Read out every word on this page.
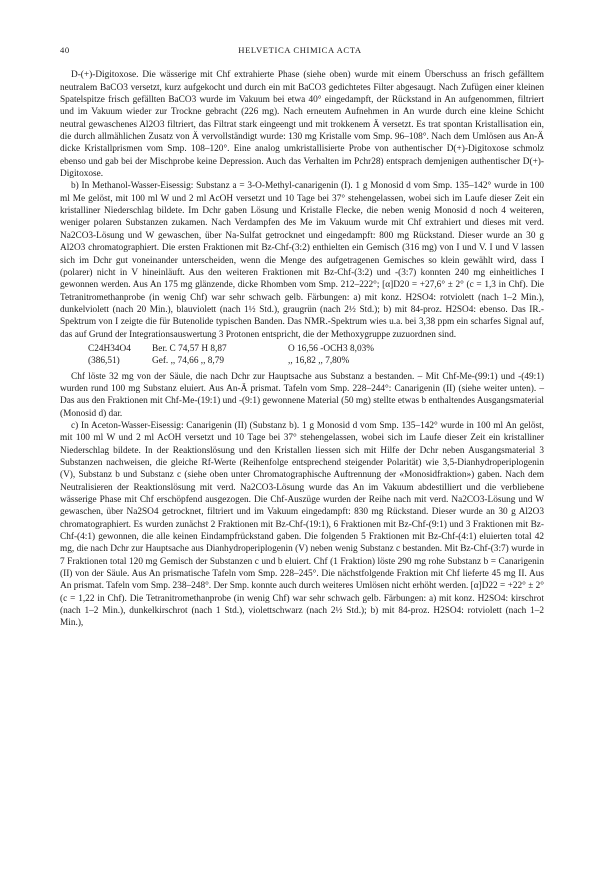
40	HELVETICA CHIMICA ACTA

D-(+)-Digitoxose. Die wässerige mit Chf extrahierte Phase (siehe oben) wurde mit einem Überschuss an frisch gefälltem neutralem BaCO3 versetzt, kurz aufgekocht und durch ein mit BaCO3 gedichtetes Filter abgesaugt. Nach Zufügen einer kleinen Spatelspitze frisch gefällten BaCO3 wurde im Vakuum bei etwa 40° eingedampft, der Rückstand in An aufgenommen, filtriert und im Vakuum wieder zur Trockne gebracht (226 mg). Nach erneutem Aufnehmen in An wurde durch eine kleine Schicht neutral gewaschenes Al2O3 filtriert, das Filtrat stark eingeengt und mit trokkenem Ä versetzt. Es trat spontan Kristallisation ein, die durch allmählichen Zusatz von Ä vervollständigt wurde: 130 mg Kristalle vom Smp. 96–108°. Nach dem Umlösen aus An-Ä dicke Kristallprismen vom Smp. 108–120°. Eine analog umkristallisierte Probe von authentischer D(+)-Digitoxose schmolz ebenso und gab bei der Mischprobe keine Depression. Auch das Verhalten im Pchr28) entsprach demjenigen authentischer D(+)-Digitoxose.

b) In Methanol-Wasser-Eisessig: Substanz a = 3-O-Methyl-canarigenin (I). 1 g Monosid d vom Smp. 135–142° wurde in 100 ml Me gelöst, mit 100 ml W und 2 ml AcOH versetzt und 10 Tage bei 37° stehengelassen, wobei sich im Laufe dieser Zeit ein kristalliner Niederschlag bildete. Im Dchr gaben Lösung und Kristalle Flecke, die neben wenig Monosid d noch 4 weiteren, weniger polaren Substanzen zukamen. Nach Verdampfen des Me im Vakuum wurde mit Chf extrahiert und dieses mit verd. Na2CO3-Lösung und W gewaschen, über Na-Sulfat getrocknet und eingedampft: 800 mg Rückstand. Dieser wurde an 30 g Al2O3 chromatographiert. Die ersten Fraktionen mit Bz-Chf-(3:2) enthielten ein Gemisch (316 mg) von I und V. I und V lassen sich im Dchr gut voneinander unterscheiden, wenn die Menge des aufgetragenen Gemisches so klein gewählt wird, dass I (polarer) nicht in V hineinläuft. Aus den weiteren Fraktionen mit Bz-Chf-(3:2) und -(3:7) konnten 240 mg einheitliches I gewonnen werden. Aus An 175 mg glänzende, dicke Rhomben vom Smp. 212–222°; [α]D20 = +27,6° ± 2° (c = 1,3 in Chf). Die Tetranitromethanprobe (in wenig Chf) war sehr schwach gelb. Färbungen: a) mit konz. H2SO4: rotviolett (nach 1–2 Min.), dunkelviolett (nach 20 Min.), blauviolett (nach 1½ Std.), graugrün (nach 2½ Std.); b) mit 84-proz. H2SO4: ebenso. Das IR.-Spektrum von I zeigte die für Butenolide typischen Banden. Das NMR.-Spektrum wies u.a. bei 3,38 ppm ein scharfes Signal auf, das auf Grund der Integrationsauswertung 3 Protonen entspricht, die der Methoxygruppe zuzuordnen sind.

C24H34O4	Ber. C 74,57 H 8,87	O 16,56 -OCH3 8,03%
(386,51)	Gef. ,, 74,66 ,, 8,79	,, 16,82 ,, 7,80%

Chf löste 32 mg von der Säule, die nach Dchr zur Hauptsache aus Substanz a bestanden. – Mit Chf-Me-(99:1) und -(49:1) wurden rund 100 mg Substanz eluiert. Aus An-Ä prismat. Tafeln vom Smp. 228–244°: Canarigenin (II) (siehe weiter unten). – Das aus den Fraktionen mit Chf-Me-(19:1) und -(9:1) gewonnene Material (50 mg) stellte etwas b enthaltendes Ausgangsmaterial (Monosid d) dar.

c) In Aceton-Wasser-Eisessig: Canarigenin (II) (Substanz b). 1 g Monosid d vom Smp. 135–142° wurde in 100 ml An gelöst, mit 100 ml W und 2 ml AcOH versetzt und 10 Tage bei 37° stehengelassen, wobei sich im Laufe dieser Zeit ein kristalliner Niederschlag bildete. In der Reaktionslösung und den Kristallen liessen sich mit Hilfe der Dchr neben Ausgangsmaterial 3 Substanzen nachweisen, die gleiche Rf-Werte (Reihenfolge entsprechend steigender Polarität) wie 3,5-Dianhydroperiplogenin (V), Substanz b und Substanz c (siehe oben unter Chromatographische Auftrennung der «Monosidfraktion») gaben. Nach dem Neutralisieren der Reaktionslösung mit verd. Na2CO3-Lösung wurde das An im Vakuum abdestilliert und die verbliebene wässerige Phase mit Chf erschöpfend ausgezogen. Die Chf-Auszüge wurden der Reihe nach mit verd. Na2CO3-Lösung und W gewaschen, über Na2SO4 getrocknet, filtriert und im Vakuum eingedampft: 830 mg Rückstand. Dieser wurde an 30 g Al2O3 chromatographiert. Es wurden zunächst 2 Fraktionen mit Bz-Chf-(19:1), 6 Fraktionen mit Bz-Chf-(9:1) und 3 Fraktionen mit Bz-Chf-(4:1) gewonnen, die alle keinen Eindampfrückstand gaben. Die folgenden 5 Fraktionen mit Bz-Chf-(4:1) eluierten total 42 mg, die nach Dchr zur Hauptsache aus Dianhydroperiplogenin (V) neben wenig Substanz c bestanden. Mit Bz-Chf-(3:7) wurde in 7 Fraktionen total 120 mg Gemisch der Substanzen c und b eluiert. Chf (1 Fraktion) löste 290 mg rohe Substanz b = Canarigenin (II) von der Säule. Aus An prismatische Tafeln vom Smp. 228–245°. Die nächstfolgende Fraktion mit Chf lieferte 45 mg II. Aus An prismat. Tafeln vom Smp. 238–248°. Der Smp. konnte auch durch weiteres Umlösen nicht erhöht werden. [α]D22 = +22° ± 2° (c = 1,22 in Chf). Die Tetranitromethanprobe (in wenig Chf) war sehr schwach gelb. Färbungen: a) mit konz. H2SO4: kirschrot (nach 1–2 Min.), dunkelkirschrot (nach 1 Std.), violettschwarz (nach 2½ Std.); b) mit 84-proz. H2SO4: rotviolett (nach 1–2 Min.),
